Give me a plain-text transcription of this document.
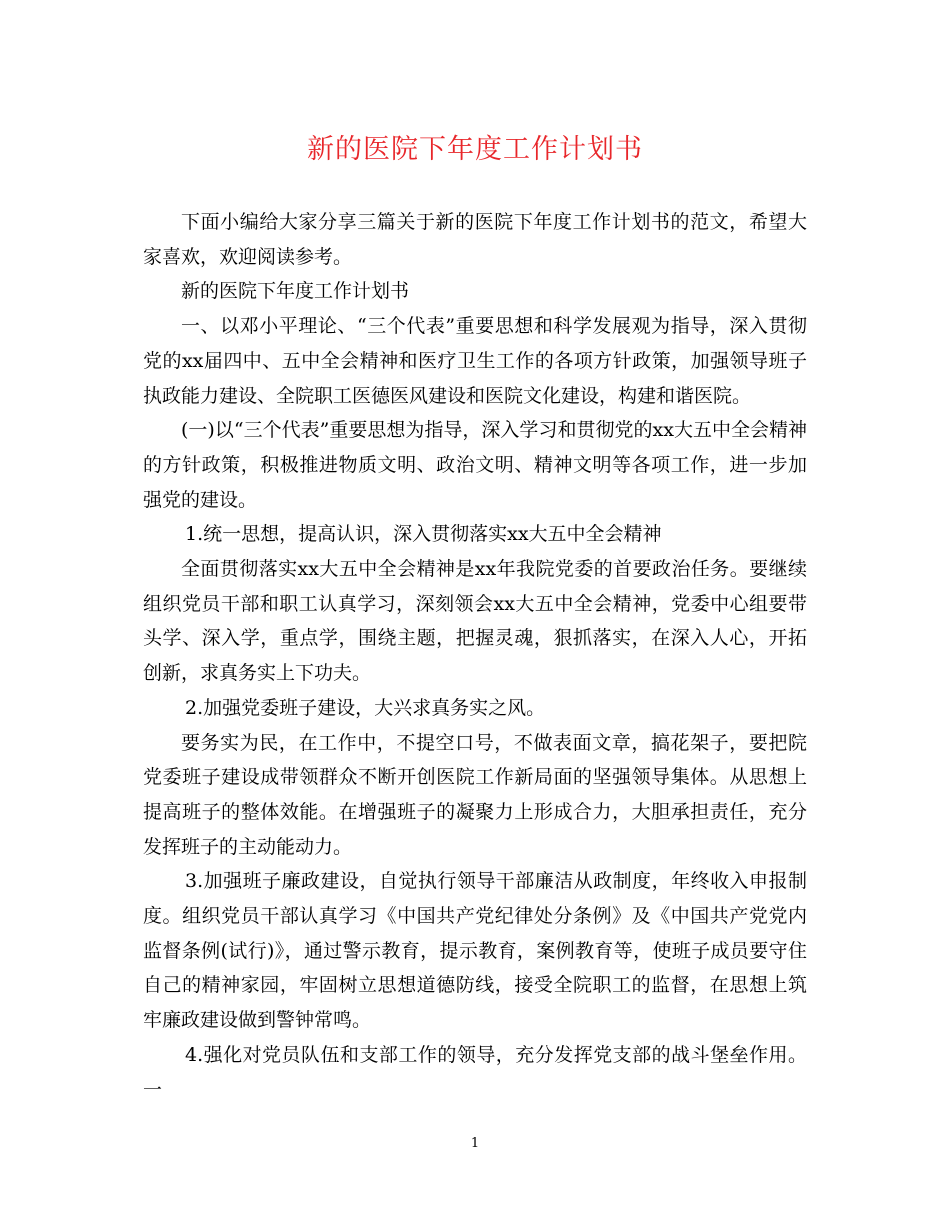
新的医院下年度工作计划书

下面小编给大家分享三篇关于新的医院下年度工作计划书的范文，希望大家喜欢，欢迎阅读参考。

新的医院下年度工作计划书

一、以邓小平理论、“三个代表”重要思想和科学发展观为指导，深入贯彻党的xx届四中、五中全会精神和医疗卫生工作的各项方针政策，加强领导班子执政能力建设、全院职工医德医风建设和医院文化建设，构建和谐医院。

(一)以“三个代表”重要思想为指导，深入学习和贯彻党的xx大五中全会精神的方针政策，积极推进物质文明、政治文明、精神文明等各项工作，进一步加强党的建设。

1.统一思想，提高认识，深入贯彻落实xx大五中全会精神

全面贯彻落实xx大五中全会精神是xx年我院党委的首要政治任务。要继续组织党员干部和职工认真学习，深刻领会xx大五中全会精神，党委中心组要带头学、深入学，重点学，围绕主题，把握灵魂，狠抓落实，在深入人心，开拓创新，求真务实上下功夫。

2.加强党委班子建设，大兴求真务实之风。

要务实为民，在工作中，不提空口号，不做表面文章，搞花架子，要把院党委班子建设成带领群众不断开创医院工作新局面的坚强领导集体。从思想上提高班子的整体效能。在增强班子的凝聚力上形成合力，大胆承担责任，充分发挥班子的主动能动力。

3.加强班子廉政建设，自觉执行领导干部廉洁从政制度，年终收入申报制度。组织党员干部认真学习《中国共产党纪律处分条例》及《中国共产党党内监督条例(试行)》，通过警示教育，提示教育，案例教育等，使班子成员要守住自己的精神家园，牢固树立思想道德防线，接受全院职工的监督，在思想上筑牢廉政建设做到警钟常鸣。

4.强化对党员队伍和支部工作的领导，充分发挥党支部的战斗堡垒作用。一

1
